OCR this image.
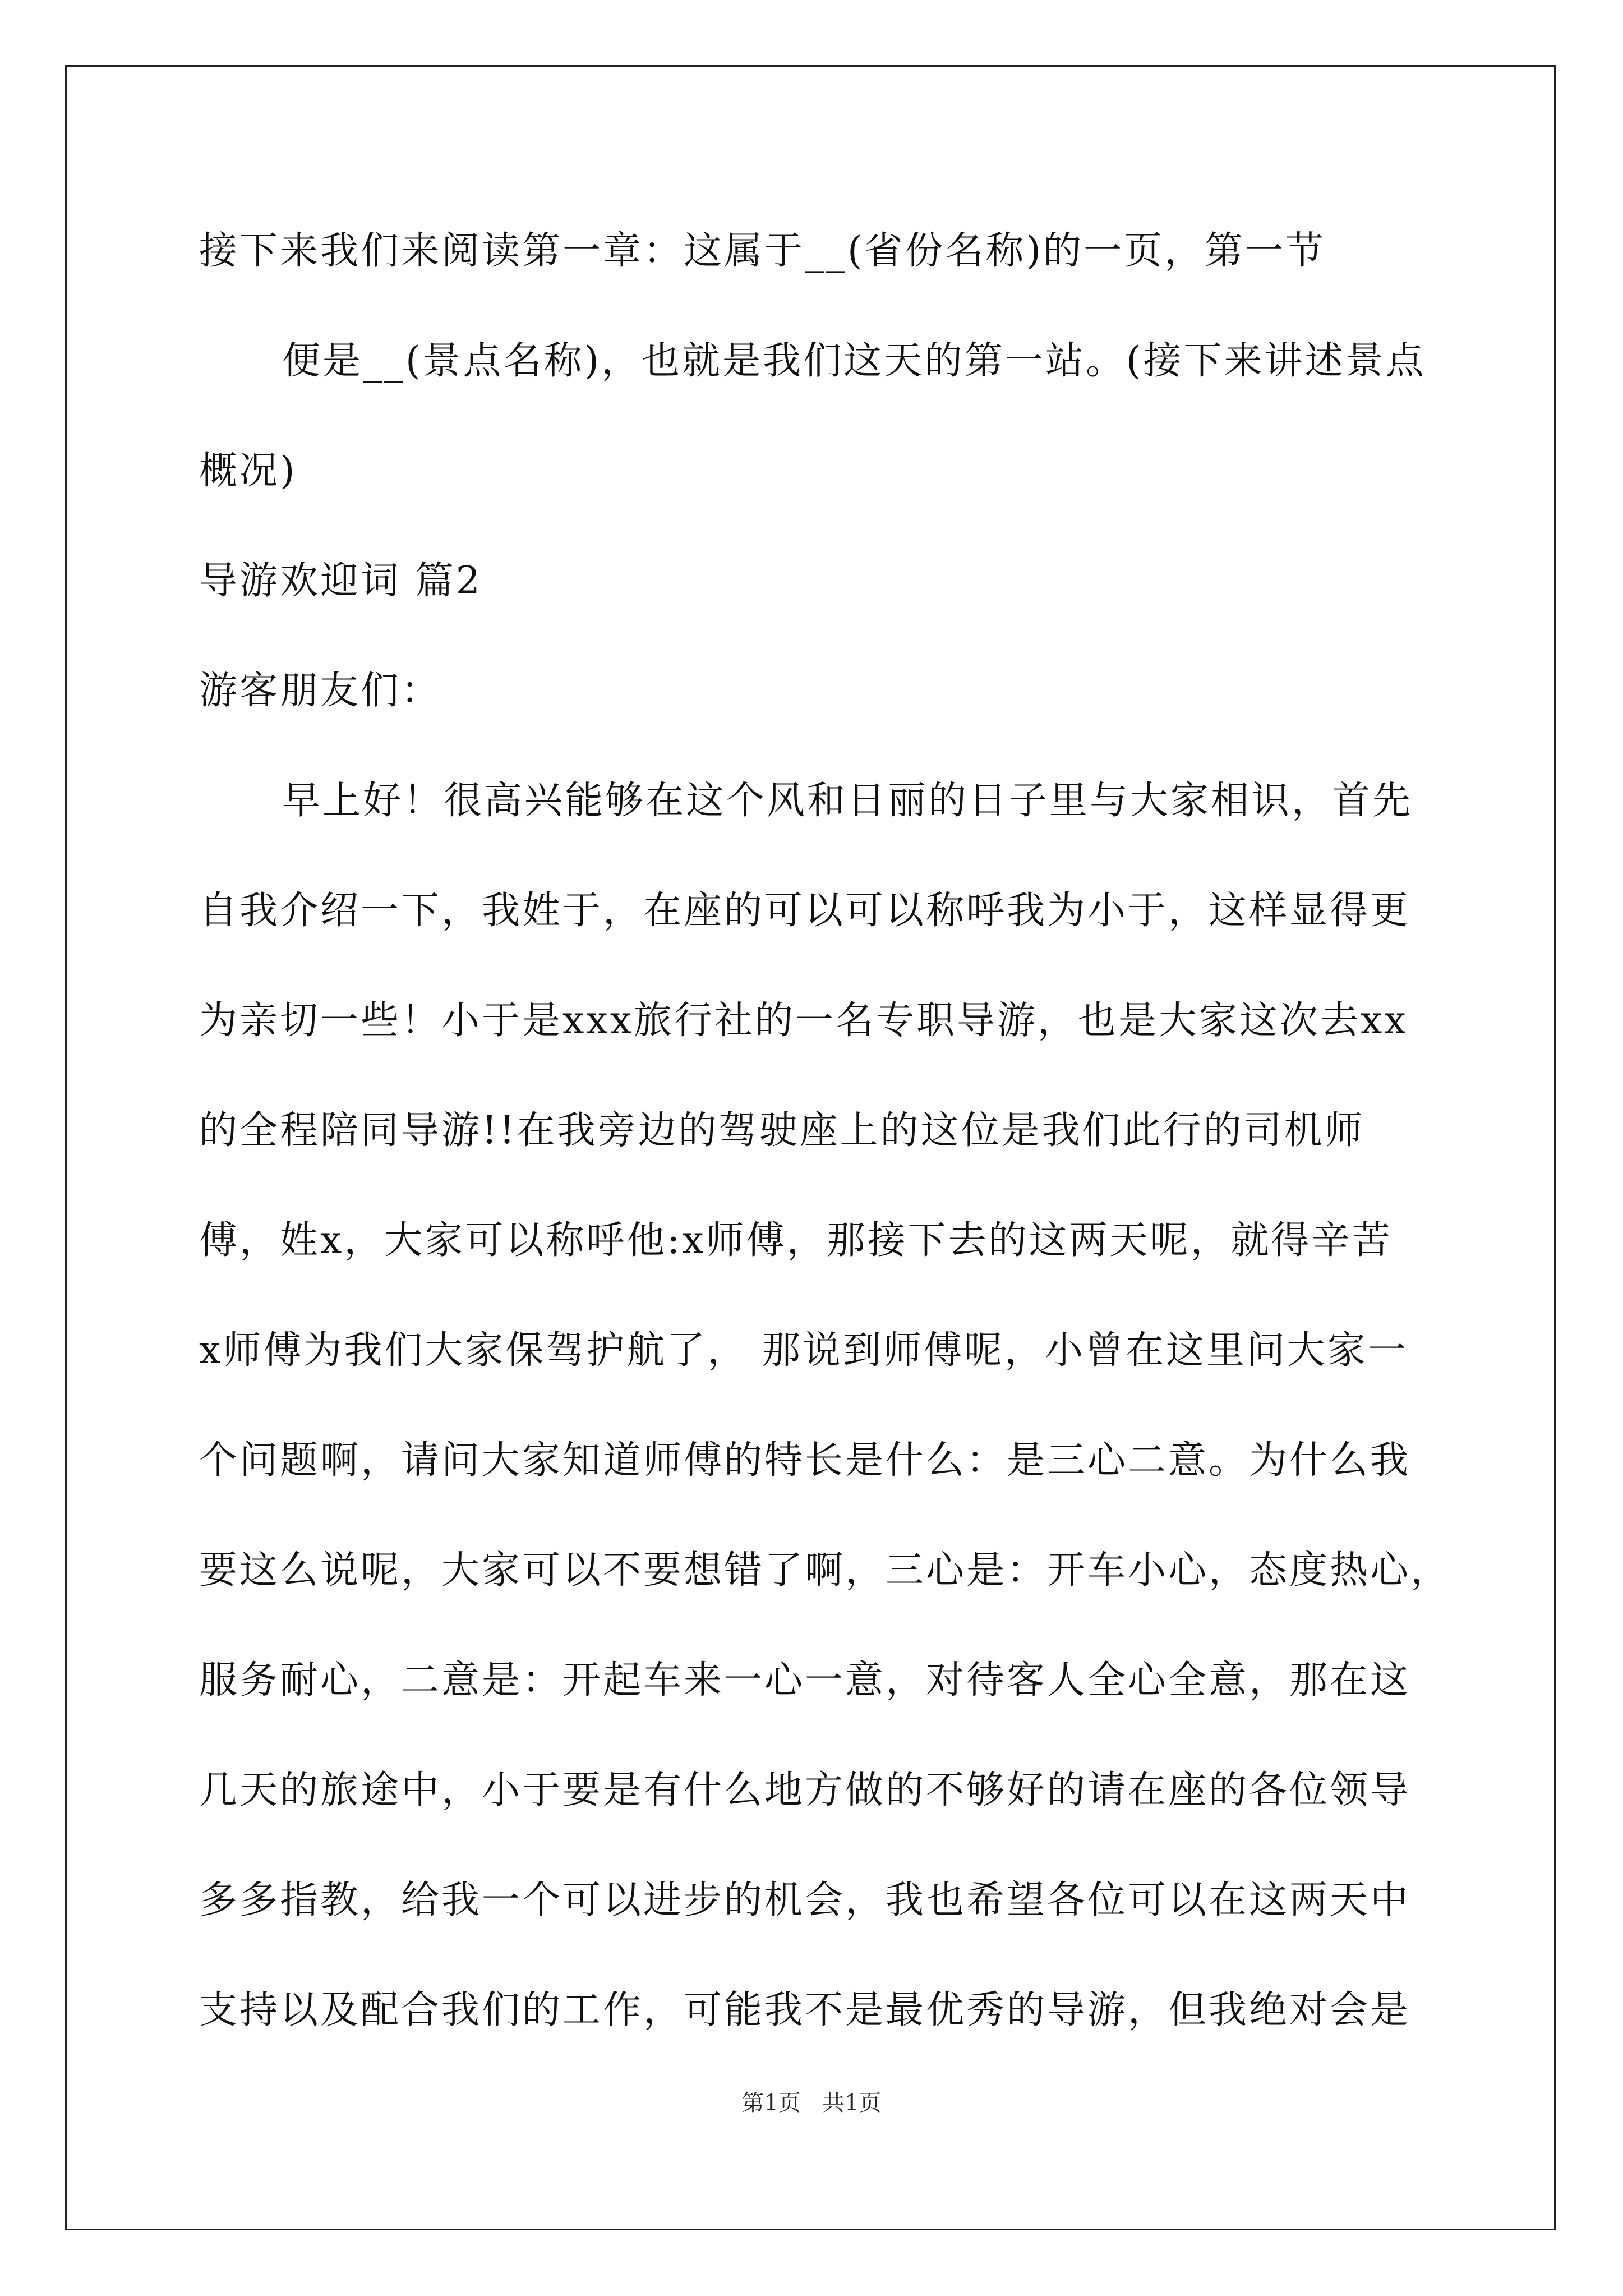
接下来我们来阅读第一章：这属于__(省份名称)的一页，第一节
便是__(景点名称)，也就是我们这天的第一站。(接下来讲述景点
概况)
导游欢迎词 篇2
游客朋友们：
早上好！很高兴能够在这个风和日丽的日子里与大家相识，首先
自我介绍一下，我姓于，在座的可以可以称呼我为小于，这样显得更
为亲切一些！小于是xxx旅行社的一名专职导游，也是大家这次去xx
的全程陪同导游!!在我旁边的驾驶座上的这位是我们此行的司机师
傅，姓x，大家可以称呼他:x师傅，那接下去的这两天呢，就得辛苦
x师傅为我们大家保驾护航了， 那说到师傅呢，小曾在这里问大家一
个问题啊，请问大家知道师傅的特长是什么：是三心二意。为什么我
要这么说呢，大家可以不要想错了啊，三心是：开车小心，态度热心，
服务耐心，二意是：开起车来一心一意，对待客人全心全意，那在这
几天的旅途中，小于要是有什么地方做的不够好的请在座的各位领导
多多指教，给我一个可以进步的机会，我也希望各位可以在这两天中
支持以及配合我们的工作，可能我不是最优秀的导游，但我绝对会是
第1页   共1页
